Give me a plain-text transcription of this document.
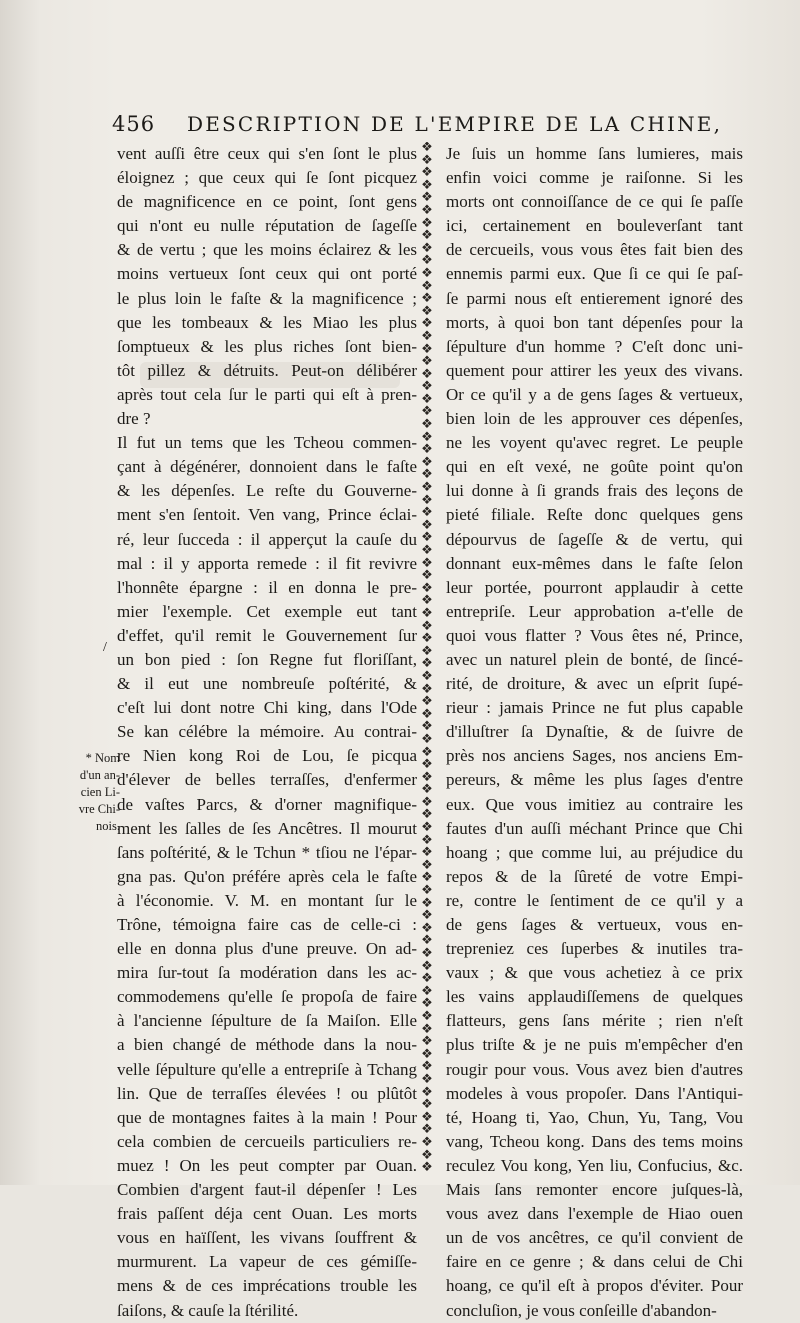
456 DESCRIPTION DE L'EMPIRE DE LA CHINE,
vent auſſi être ceux qui s'en ſont le plus
éloignez ; que ceux qui ſe ſont picquez
de magnificence en ce point, ſont gens
qui n'ont eu nulle réputation de ſageſſe
& de vertu ; que les moins éclairez & les
moins vertueux ſont ceux qui ont porté
le plus loin le faſte & la magnificence ;
que les tombeaux & les Miao les plus
ſomptueux & les plus riches ſont bien-
tôt pillez & détruits. Peut-on délibérer
après tout cela ſur le parti qui eſt à pren-
dre ?
Il fut un tems que les Tcheou commen-
çant à dégénérer, donnoient dans le faſte
& les dépenſes. Le reſte du Gouverne-
ment s'en ſentoit. Ven vang, Prince éclai-
ré, leur ſucceda : il apperçut la cauſe du
mal : il y apporta remede : il fit revivre
l'honnête épargne : il en donna le pre-
mier l'exemple. Cet exemple eut tant
d'effet, qu'il remit le Gouvernement ſur
un bon pied : ſon Regne fut floriſſant,
& il eut une nombreuſe poſtérité, &
c'eſt lui dont notre Chi king, dans l'Ode
Se kan célébre la mémoire. Au contrai-
re Nien kong Roi de Lou, ſe picqua
d'élever de belles terraſſes, d'enfermer
de vaſtes Parcs, & d'orner magnifique-
ment les ſalles de ſes Ancêtres. Il mourut
ſans poſtérité, & le Tchun * tſiou ne l'épar-
gna pas. Qu'on préfére après cela le faſte
à l'économie. V. M. en montant ſur le
Trône, témoigna faire cas de celle-ci :
elle en donna plus d'une preuve. On ad-
mira ſur-tout ſa modération dans les ac-
commodemens qu'elle ſe propoſa de faire
à l'ancienne ſépulture de ſa Maiſon. Elle
a bien changé de méthode dans la nou-
velle ſépulture qu'elle a entrepriſe à Tchang
lin. Que de terraſſes élevées ! ou plûtôt
que de montagnes faites à la main ! Pour
cela combien de cercueils particuliers re-
muez ! On les peut compter par Ouan.
Combien d'argent faut-il dépenſer ! Les
frais paſſent déja cent Ouan. Les morts
vous en haïſſent, les vivans ſouffrent &
murmurent. La vapeur de ces gémiſſe-
mens & de ces imprécations trouble les
ſaiſons, & cauſe la ſtérilité.
❖
❖
❖
❖
❖
❖
❖
❖
❖
❖
❖
❖
❖
❖
❖
❖
❖
❖
❖
❖
❖
❖
❖
❖
❖
❖
❖
❖
❖
❖
❖
❖
❖
❖
❖
❖
❖
❖
❖
❖
❖
❖
❖
❖
❖
❖
❖
❖
❖
❖
❖
❖
❖
❖
❖
❖
❖
❖
❖
❖
❖
❖
❖
❖
❖
❖
❖
❖
❖
❖
❖
❖
❖
❖
❖
❖
❖
❖
❖
❖
❖
❖

Je ſuis un homme ſans lumieres, mais
enfin voici comme je raiſonne. Si les
morts ont connoiſſance de ce qui ſe paſſe
ici, certainement en bouleverſant tant
de cercueils, vous vous êtes fait bien des
ennemis parmi eux. Que ſi ce qui ſe paſ-
ſe parmi nous eſt entierement ignoré des
morts, à quoi bon tant dépenſes pour la
ſépulture d'un homme ? C'eſt donc uni-
quement pour attirer les yeux des vivans.
Or ce qu'il y a de gens ſages & vertueux,
bien loin de les approuver ces dépenſes,
ne les voyent qu'avec regret. Le peuple
qui en eſt vexé, ne goûte point qu'on
lui donne à ſi grands frais des leçons de
pieté filiale. Reſte donc quelques gens
dépourvus de ſageſſe & de vertu, qui
donnant eux-mêmes dans le faſte ſelon
leur portée, pourront applaudir à cette
entrepriſe. Leur approbation a-t'elle de
quoi vous flatter ? Vous êtes né, Prince,
avec un naturel plein de bonté, de ſincé-
rité, de droiture, & avec un eſprit ſupé-
rieur : jamais Prince ne fut plus capable
d'illuſtrer ſa Dynaſtie, & de ſuivre de
près nos anciens Sages, nos anciens Em-
pereurs, & même les plus ſages d'entre
eux. Que vous imitiez au contraire les
fautes d'un auſſi méchant Prince que Chi
hoang ; que comme lui, au préjudice du
repos & de la ſûreté de votre Empi-
re, contre le ſentiment de ce qu'il y a
de gens ſages & vertueux, vous en-
trepreniez ces ſuperbes & inutiles tra-
vaux ; & que vous achetiez à ce prix
les vains applaudiſſemens de quelques
flatteurs, gens ſans mérite ; rien n'eſt
plus triſte & je ne puis m'empêcher d'en
rougir pour vous. Vous avez bien d'autres
modeles à vous propoſer. Dans l'Antiqui-
té, Hoang ti, Yao, Chun, Yu, Tang, Vou
vang, Tcheou kong. Dans des tems moins
reculez Vou kong, Yen liu, Confucius, &c.
Mais ſans remonter encore juſques-là,
vous avez dans l'exemple de Hiao ouen
un de vos ancêtres, ce qu'il convient de
faire en ce genre ; & dans celui de Chi
hoang, ce qu'il eſt à propos d'éviter. Pour
concluſion, je vous conſeille d'abandon-
/
* Nom
d'un an-
cien Li-
vre Chi-
nois.
